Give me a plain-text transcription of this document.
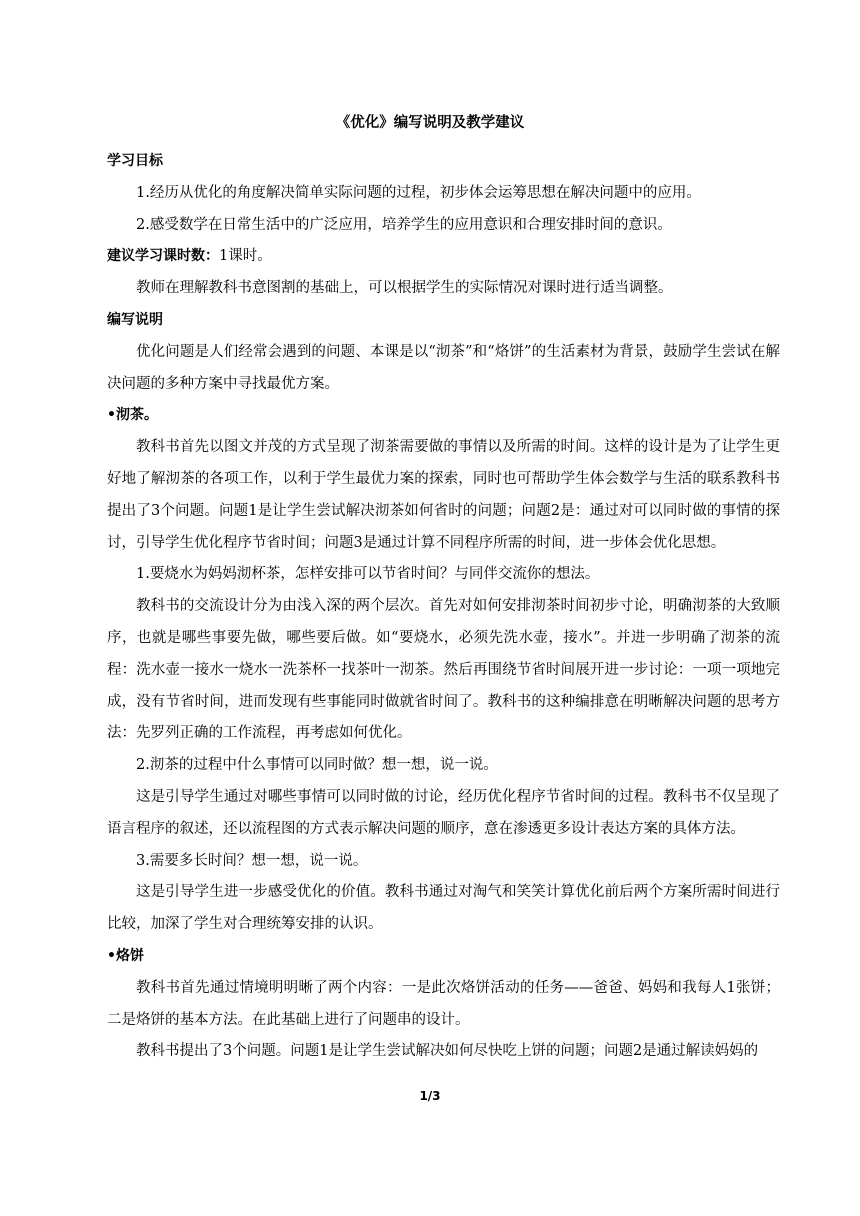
《优化》编写说明及教学建议

学习目标

1.经历从优化的角度解决简单实际问题的过程，初步体会运筹思想在解决问题中的应用。

2.感受数学在日常生活中的广泛应用，培养学生的应用意识和合理安排时间的意识。

建议学习课时数：1课时。

教师在理解教科书意图割的基础上，可以根据学生的实际情况对课时进行适当调整。

编写说明

优化问题是人们经常会遇到的问题、本课是以“沏茶”和“烙饼”的生活素材为背景，鼓励学生尝试在解决问题的多种方案中寻找最优方案。

•沏茶。

教科书首先以图文并茂的方式呈现了沏茶需要做的事情以及所需的时间。这样的设计是为了让学生更好地了解沏茶的各项工作，以利于学生最优力案的探索，同时也可帮助学生体会数学与生活的联系教科书提出了3个问题。问题1是让学生尝试解决沏茶如何省时的问题；问题2是：通过对可以同时做的事情的探讨，引导学生优化程序节省时间；问题3是通过计算不同程序所需的时间，进一步体会优化思想。

1.要烧水为妈妈沏杯茶，怎样安排可以节省时间？与同伴交流你的想法。

教科书的交流设计分为由浅入深的两个层次。首先对如何安排沏茶时间初步寸论，明确沏茶的大致顺序，也就是哪些事要先做，哪些要后做。如“要烧水，必须先洗水壶，接水”。并进一步明确了沏茶的流程：洗水壶一接水一烧水一洗茶杯一找茶叶一沏茶。然后再围绕节省时间展开进一步讨论：一项一项地完成，没有节省时间，进而发现有些事能同时做就省时间了。教科书的这种编排意在明晰解决问题的思考方法：先罗列正确的工作流程，再考虑如何优化。

2.沏茶的过程中什么事情可以同时做？想一想，说一说。

这是引导学生通过对哪些事情可以同时做的讨论，经历优化程序节省时间的过程。教科书不仅呈现了语言程序的叙述，还以流程图的方式表示解决问题的顺序，意在渗透更多设计表达方案的具体方法。

3.需要多长时间？想一想，说一说。

这是引导学生进一步感受优化的价值。教科书通过对淘气和笑笑计算优化前后两个方案所需时间进行比较，加深了学生对合理统筹安排的认识。

•烙饼

教科书首先通过情境明明晰了两个内容：一是此次烙饼活动的任务——爸爸、妈妈和我每人1张饼；二是烙饼的基本方法。在此基础上进行了问题串的设计。

教科书提出了3个问题。问题1是让学生尝试解决如何尽快吃上饼的问题；问题2是通过解读妈妈的

1/3
